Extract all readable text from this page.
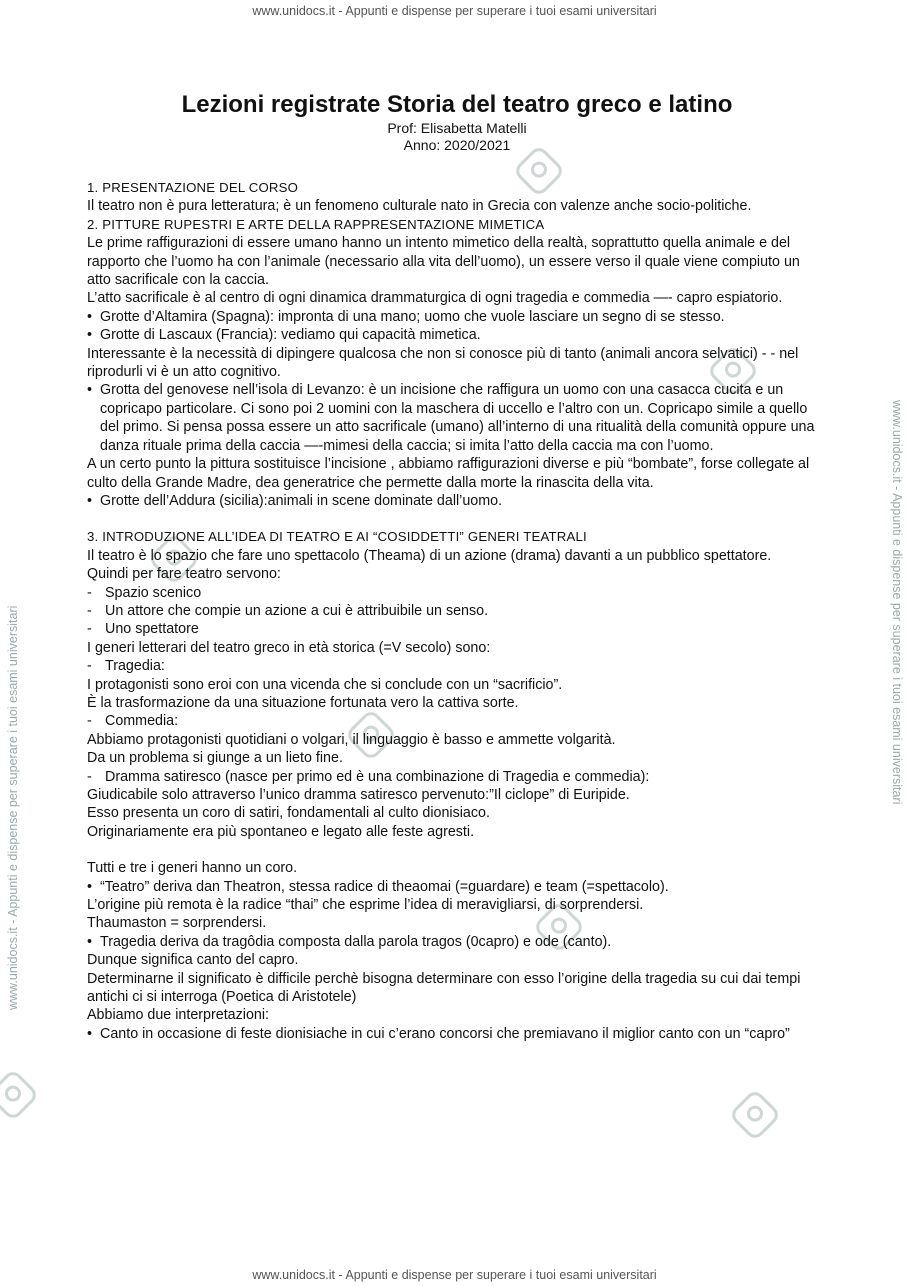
www.unidocs.it - Appunti e dispense per superare i tuoi esami universitari
www.unidocs.it - Appunti e dispense per superare i tuoi esami universitari
www.unidocs.it - Appunti e dispense per superare i tuoi esami universitari
Lezioni registrate Storia del teatro greco e latino
Prof: Elisabetta Matelli
Anno: 2020/2021
1. PRESENTAZIONE DEL CORSO

Il teatro non è pura letteratura; è un fenomeno culturale nato in Grecia con valenze anche socio-politiche.

2. PITTURE RUPESTRI E ARTE DELLA RAPPRESENTAZIONE MIMETICA

Le prime raffigurazioni di essere umano hanno un intento mimetico della realtà, soprattutto quella animale e del rapporto che l’uomo ha con l’animale (necessario alla vita dell’uomo), un essere verso il quale viene compiuto un atto sacrificale con la caccia.

L’atto sacrificale è al centro di ogni dinamica drammaturgica di ogni tragedia e commedia —- capro espiatorio.

• Grotte d’Altamira (Spagna): impronta di una mano; uomo che vuole lasciare un segno di se stesso.

• Grotte di Lascaux (Francia): vediamo qui capacità mimetica.

Interessante è la necessità di dipingere qualcosa che non si conosce più di tanto (animali ancora selvatici) - - nel riprodurli vi è un atto cognitivo.

• Grotta del genovese nell’isola di Levanzo: è un incisione che raffigura un uomo con una casacca cucita e un copricapo particolare. Ci sono poi 2 uomini con la maschera di uccello e l’altro con un. Copricapo simile a quello del primo. Si pensa possa essere un atto sacrificale (umano) all’interno di una ritualità della comunità oppure una danza rituale prima della caccia —-mimesi della caccia; si imita l’atto della caccia ma con l’uomo.

A un certo punto la pittura sostituisce l’incisione , abbiamo raffigurazioni diverse e più “bombate”, forse collegate al culto della Grande Madre, dea generatrice che permette dalla morte la rinascita della vita.

• Grotte dell’Addura (sicilia):animali in scene dominate dall’uomo.

3. INTRODUZIONE ALL’IDEA DI TEATRO E AI “COSIDDETTI” GENERI TEATRALI

Il teatro è lo spazio che fare uno spettacolo (Theama) di un azione (drama) davanti a un pubblico spettatore.

Quindi per fare teatro servono:

- Spazio scenico

- Un attore che compie un azione a cui è attribuibile un senso.

- Uno spettatore

I generi letterari del teatro greco in età storica (=V secolo) sono:

- Tragedia:

I protagonisti sono eroi con una vicenda che si conclude con un “sacrificio”.

È la trasformazione da una situazione fortunata vero la cattiva sorte.

- Commedia:

Abbiamo protagonisti quotidiani o volgari, il linguaggio è basso e ammette volgarità.

Da un problema si giunge a un lieto fine.

- Dramma satiresco (nasce per primo ed è una combinazione di Tragedia e commedia):

Giudicabile solo attraverso l’unico dramma satiresco pervenuto:”Il ciclope” di Euripide.

Esso presenta un coro di satiri, fondamentali al culto dionisiaco.

Originariamente era più spontaneo e legato alle feste agresti.

Tutti e tre i generi hanno un coro.

• “Teatro” deriva dan Theatron, stessa radice di theaomai (=guardare) e team (=spettacolo).

L’origine più remota è la radice “thai” che esprime l’idea di meravigliarsi, di sorprendersi.

Thaumaston = sorprendersi.

• Tragedia deriva da tragôdia composta dalla parola tragos (0capro) e ode (canto).

Dunque significa canto del capro.

Determinarne il significato è difficile perchè bisogna determinare con esso l’origine della tragedia su cui dai tempi antichi ci si interroga (Poetica di Aristotele)

Abbiamo due interpretazioni:

• Canto in occasione di feste dionisiache in cui c’erano concorsi che premiavano il miglior canto con un “capro”

www.unidocs.it - Appunti e dispense per superare i tuoi esami universitari
